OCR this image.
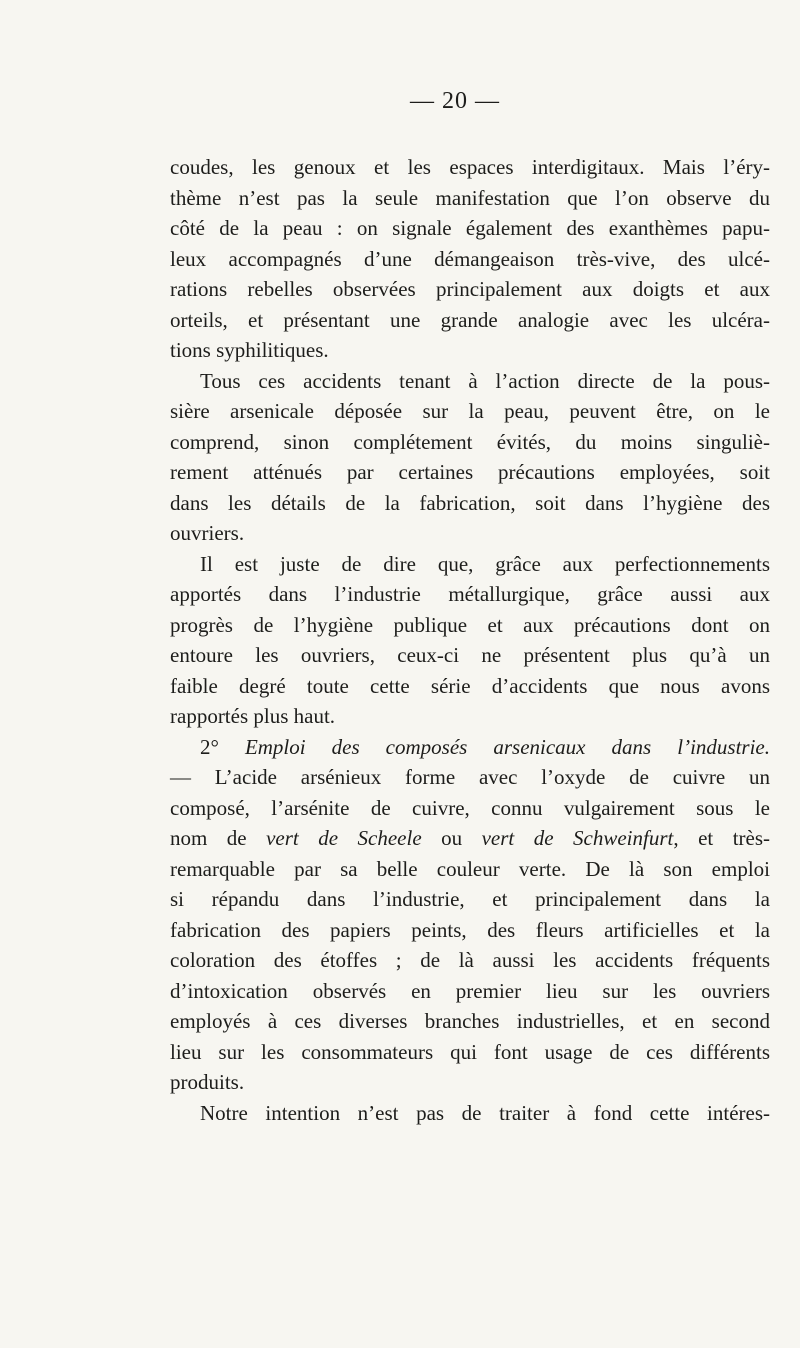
— 20 —
coudes, les genoux et les espaces interdigitaux. Mais l’éry-
thème n’est pas la seule manifestation que l’on observe du
côté de la peau : on signale également des exanthèmes papu-
leux accompagnés d’une démangeaison très-vive, des ulcé-
rations rebelles observées principalement aux doigts et aux
orteils, et présentant une grande analogie avec les ulcéra-
tions syphilitiques.
Tous ces accidents tenant à l’action directe de la pous-
sière arsenicale déposée sur la peau, peuvent être, on le
comprend, sinon complétement évités, du moins singuliè-
rement atténués par certaines précautions employées, soit
dans les détails de la fabrication, soit dans l’hygiène des
ouvriers.
Il est juste de dire que, grâce aux perfectionnements
apportés dans l’industrie métallurgique, grâce aussi aux
progrès de l’hygiène publique et aux précautions dont on
entoure les ouvriers, ceux-ci ne présentent plus qu’à un
faible degré toute cette série d’accidents que nous avons
rapportés plus haut.
2° Emploi des composés arsenicaux dans l’industrie.
— L’acide arsénieux forme avec l’oxyde de cuivre un
composé, l’arsénite de cuivre, connu vulgairement sous le
nom de vert de Scheele ou vert de Schweinfurt, et très-
remarquable par sa belle couleur verte. De là son emploi
si répandu dans l’industrie, et principalement dans la
fabrication des papiers peints, des fleurs artificielles et la
coloration des étoffes ; de là aussi les accidents fréquents
d’intoxication observés en premier lieu sur les ouvriers
employés à ces diverses branches industrielles, et en second
lieu sur les consommateurs qui font usage de ces différents
produits.
Notre intention n’est pas de traiter à fond cette intéres-
